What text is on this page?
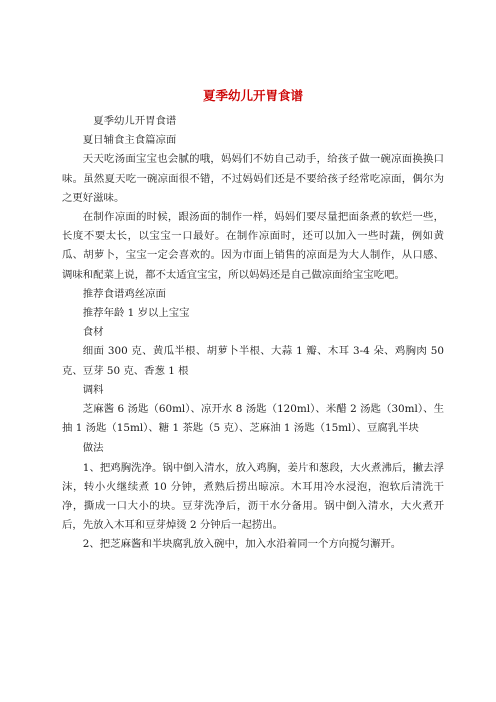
夏季幼儿开胃食谱

夏季幼儿开胃食谱

夏日辅食主食篇凉面

天天吃汤面宝宝也会腻的哦，妈妈们不妨自己动手，给孩子做一碗凉面换换口味。虽然夏天吃一碗凉面很不错，不过妈妈们还是不要给孩子经常吃凉面，偶尔为之更好滋味。

在制作凉面的时候，跟汤面的制作一样，妈妈们要尽量把面条煮的软烂一些，长度不要太长，以宝宝一口最好。在制作凉面时，还可以加入一些时蔬，例如黄瓜、胡萝卜，宝宝一定会喜欢的。因为市面上销售的凉面是为大人制作，从口感、调味和配菜上说，都不太适宜宝宝，所以妈妈还是自己做凉面给宝宝吃吧。

推荐食谱鸡丝凉面

推荐年龄 1 岁以上宝宝

食材

细面 300 克、黄瓜半根、胡萝卜半根、大蒜 1 瓣、木耳 3-4 朵、鸡胸肉 50 克、豆芽 50 克、香葱 1 根

调料

芝麻酱 6 汤匙（60ml）、凉开水 8 汤匙（120ml）、米醋 2 汤匙（30ml）、生抽 1 汤匙（15ml）、糖 1 茶匙（5 克）、芝麻油 1 汤匙（15ml）、豆腐乳半块

做法

1、把鸡胸洗净。锅中倒入清水，放入鸡胸，姜片和葱段，大火煮沸后，撇去浮沫，转小火继续煮 10 分钟，煮熟后捞出晾凉。木耳用冷水浸泡，泡软后清洗干净，撕成一口大小的块。豆芽洗净后，沥干水分备用。锅中倒入清水，大火煮开后，先放入木耳和豆芽焯烫 2 分钟后一起捞出。

2、把芝麻酱和半块腐乳放入碗中，加入水沿着同一个方向搅匀澥开。
